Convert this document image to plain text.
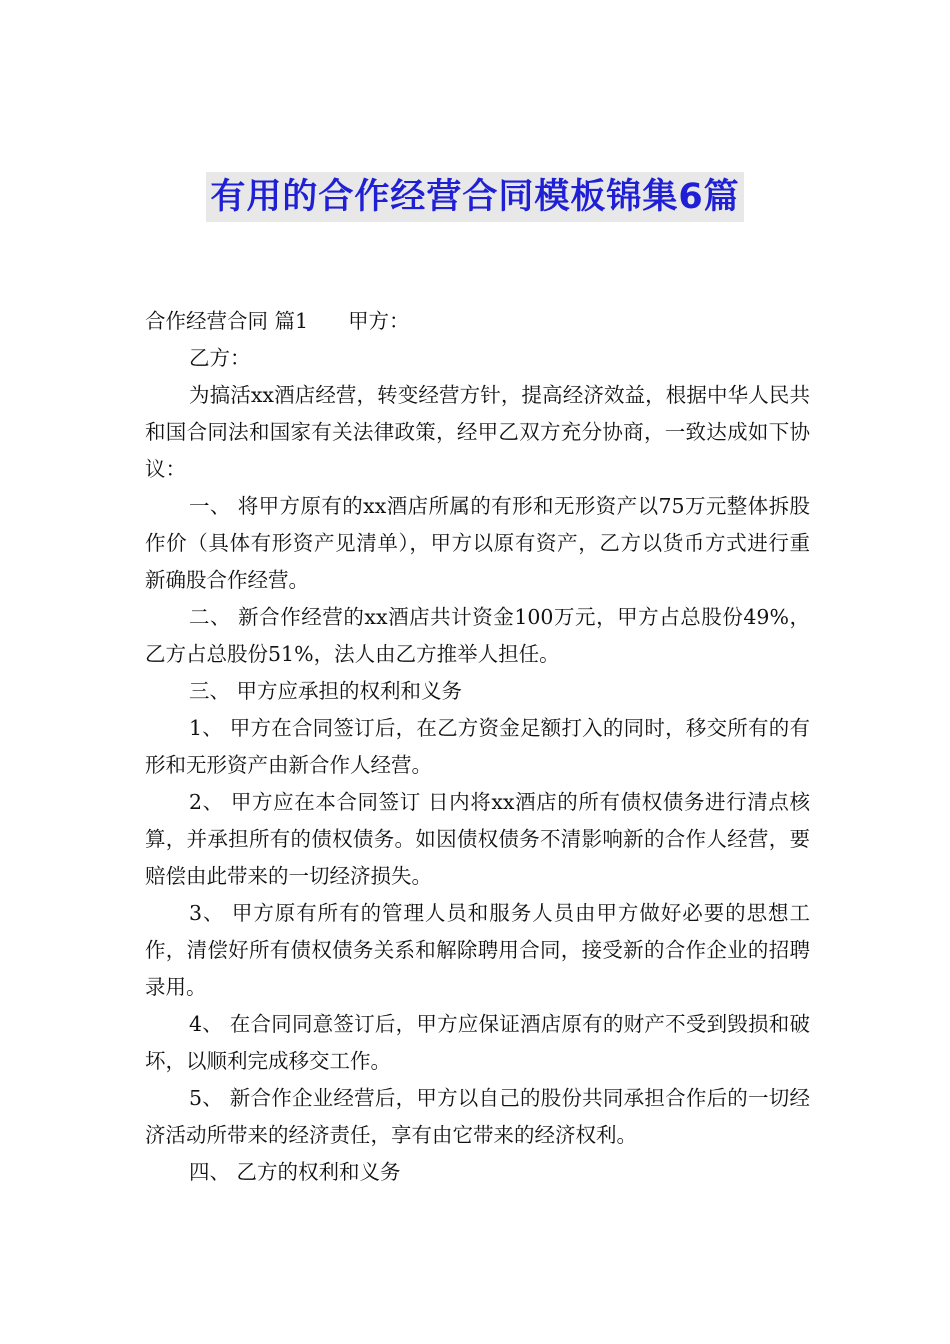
有用的合作经营合同模板锦集6篇

合作经营合同 篇1 甲方：

乙方：

为搞活xx酒店经营，转变经营方针，提高经济效益，根据中华人民共和国合同法和国家有关法律政策，经甲乙双方充分协商，一致达成如下协议：

一、 将甲方原有的xx酒店所属的有形和无形资产以75万元整体拆股作价（具体有形资产见清单），甲方以原有资产，乙方以货币方式进行重新确股合作经营。

二、 新合作经营的xx酒店共计资金100万元，甲方占总股份49%，乙方占总股份51%，法人由乙方推举人担任。

三、 甲方应承担的权利和义务

1、 甲方在合同签订后，在乙方资金足额打入的同时，移交所有的有形和无形资产由新合作人经营。

2、 甲方应在本合同签订 日内将xx酒店的所有债权债务进行清点核算，并承担所有的债权债务。如因债权债务不清影响新的合作人经营，要赔偿由此带来的一切经济损失。

3、 甲方原有所有的管理人员和服务人员由甲方做好必要的思想工作，清偿好所有债权债务关系和解除聘用合同，接受新的合作企业的招聘录用。

4、 在合同同意签订后，甲方应保证酒店原有的财产不受到毁损和破坏，以顺利完成移交工作。

5、 新合作企业经营后，甲方以自己的股份共同承担合作后的一切经济活动所带来的经济责任，享有由它带来的经济权利。

四、 乙方的权利和义务
